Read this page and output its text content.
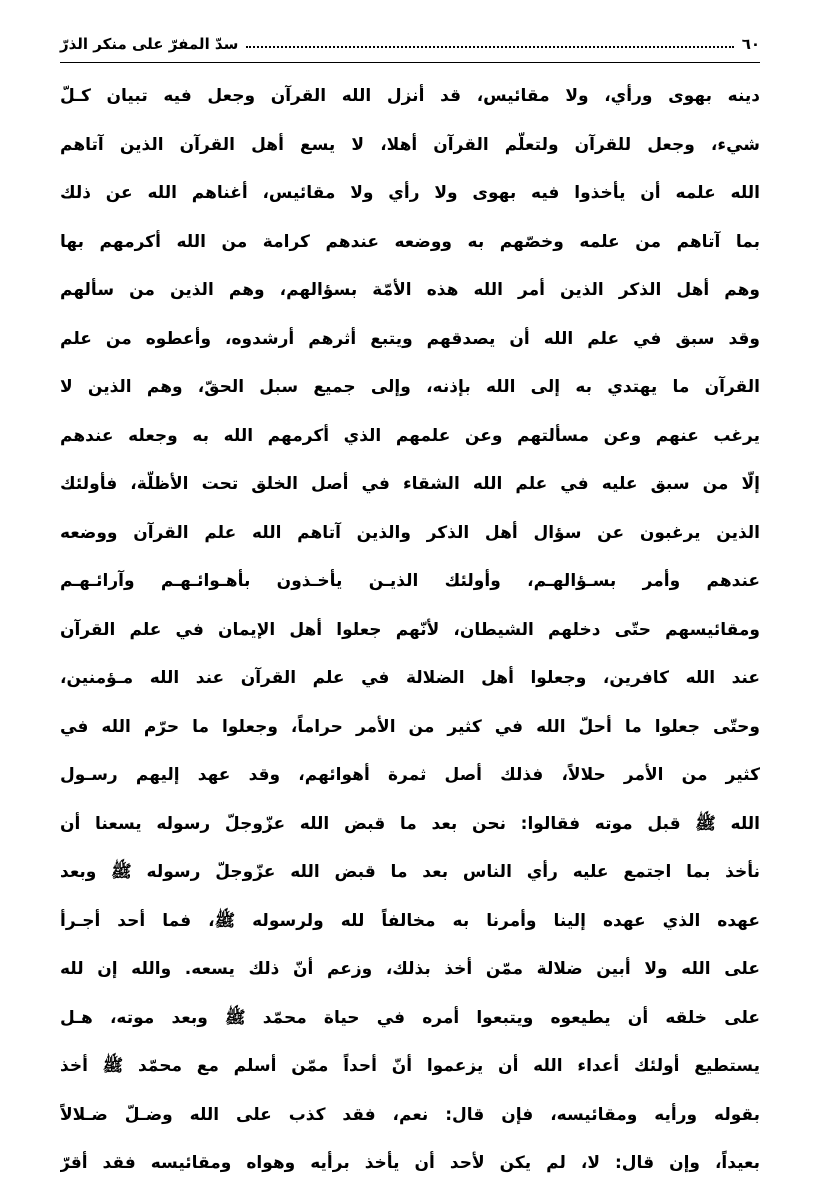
٦٠
سدّ المفرّ على منكر الذرّ
دينه بهوى ورأي، ولا مقائيس، قد أنزل الله القرآن وجعل فيه تبيان كـلّ
شيء، وجعل للقرآن ولتعلّم القرآن أهلا، لا يسع أهل القرآن الذين آتاهم
الله علمه أن يأخذوا فيه بهوى ولا رأي ولا مقائيس، أغناهم الله عن ذلك
بما آتاهم من علمه وخصّهم به ووضعه عندهم كرامة من الله أكرمهم بها
وهم أهل الذكر الذين أمر الله هذه الأمّة بسؤالهم، وهم الذين من سألهم
وقد سبق في علم الله أن يصدقهم ويتبع أثرهم أرشدوه، وأعطوه من علم
القرآن ما يهتدي به إلى الله بإذنه، وإلى جميع سبل الحقّ، وهم الذين لا
يرغب عنهم وعن مسألتهم وعن علمهم الذي أكرمهم الله به وجعله عندهم
إلّا من سبق عليه في علم الله الشقاء في أصل الخلق تحت الأظلّة، فأولئك
الذين يرغبون عن سؤال أهل الذكر والذين آتاهم الله علم القرآن ووضعه
عندهم وأمر بسـؤالهـم، وأولئك الذيـن يأخـذون بأهـوائـهـم وآرائـهـم
ومقائيسهم حتّى دخلهم الشيطان، لأنّهم جعلوا أهل الإيمان في علم القرآن
عند الله كافرين، وجعلوا أهل الضلالة في علم القرآن عند الله مـؤمنين،
وحتّى جعلوا ما أحلّ الله في كثير من الأمر حراماً، وجعلوا ما حرّم الله في
كثير من الأمر حلالاً، فذلك أصل ثمرة أهوائهم، وقد عهد إليهم رسـول
الله ﷺ قبل موته فقالوا: نحن بعد ما قبض الله عزّوجلّ رسوله يسعنا أن
نأخذ بما اجتمع عليه رأي الناس بعد ما قبض الله عزّوجلّ رسوله ﷺ وبعد
عهده الذي عهده إلينا وأمرنا به مخالفاً لله ولرسوله ﷺ، فما أحد أجـرأ
على الله ولا أبين ضلالة ممّن أخذ بذلك، وزعم أنّ ذلك يسعه. والله إن لله
على خلقه أن يطيعوه ويتبعوا أمره في حياة محمّد ﷺ وبعد موته، هـل
يستطيع أولئك أعداء الله أن يزعموا أنّ أحداً ممّن أسلم مع محمّد ﷺ أخذ
بقوله ورأيه ومقائيسه، فإن قال: نعم، فقد كذب على الله وضـلّ ضـلالاً
بعيداً، وإن قال: لا، لم يكن لأحد أن يأخذ برأيه وهواه ومقائيسه فقد أقرّ
